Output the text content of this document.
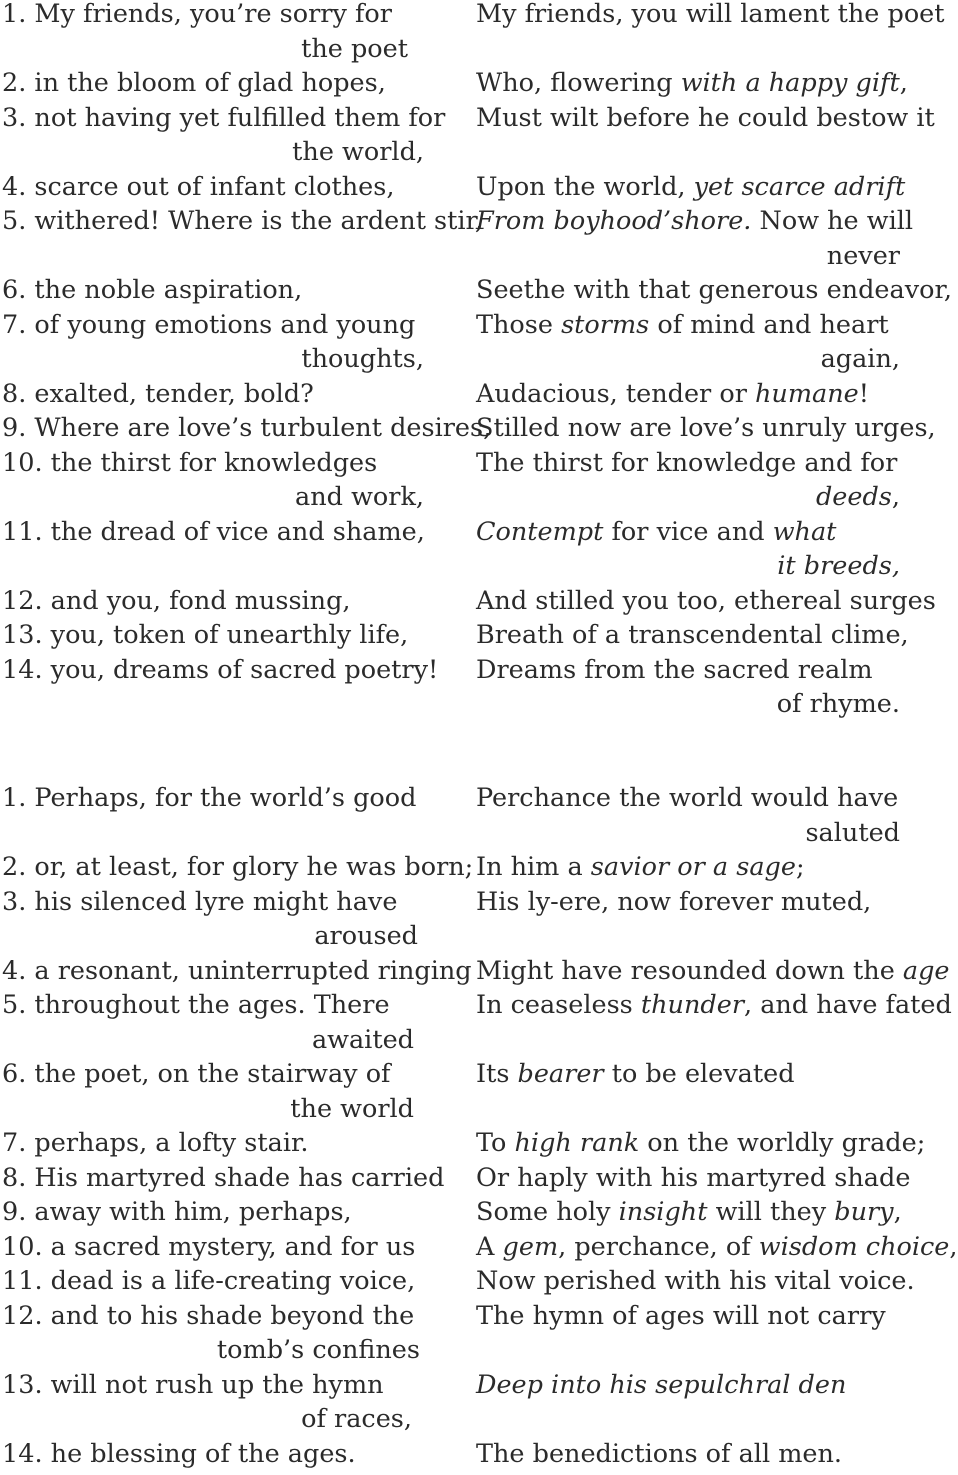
1. My friends, you’re sorry for
the poet
2. in the bloom of glad hopes,
3. not having yet fulfilled them for
the world,
4. scarce out of infant clothes,
5. withered! Where is the ardent stir,

6. the noble aspiration,
7. of young emotions and young
thoughts,
8. exalted, tender, bold?
9. Where are love’s turbulent desires,
10. the thirst for knowledges
and work,
11. the dread of vice and shame,

12. and you, fond mussing,
13. you, token of unearthly life,
14. you, dreams of sacred poetry!
My friends, you will lament the poet

Who, flowering with a happy gift,
Must wilt before he could bestow it

Upon the world, yet scarce adrift
From boyhood’shore. Now he will
never
Seethe with that generous endeavor,
Those storms of mind and heart
again,
Audacious, tender or humane!
Stilled now are love’s unruly urges,
The thirst for knowledge and for
deeds,
Contempt for vice and what
it breeds,
And stilled you too, ethereal surges
Breath of a transcendental clime,
Dreams from the sacred realm
of rhyme.
1. Perhaps, for the world’s good

2. or, at least, for glory he was born;
3. his silenced lyre might have
aroused
4. a resonant, uninterrupted ringing
5. throughout the ages. There
awaited
6. the poet, on the stairway of
the world
7. perhaps, a lofty stair.
8. His martyred shade has carried
9. away with him, perhaps,
10. a sacred mystery, and for us
11. dead is a life-creating voice,
12. and to his shade beyond the
tomb’s confines
13. will not rush up the hymn
of races,
14. he blessing of the ages.
Perchance the world would have
saluted
In him a savior or a sage;
His ly-ere, now forever muted,

Might have resounded down the age
In ceaseless thunder, and have fated

Its bearer to be elevated

To high rank on the worldly grade;
Or haply with his martyred shade
Some holy insight will they bury,
A gem, perchance, of wisdom choice,
Now perished with his vital voice.
The hymn of ages will not carry

Deep into his sepulchral den

The benedictions of all men.
